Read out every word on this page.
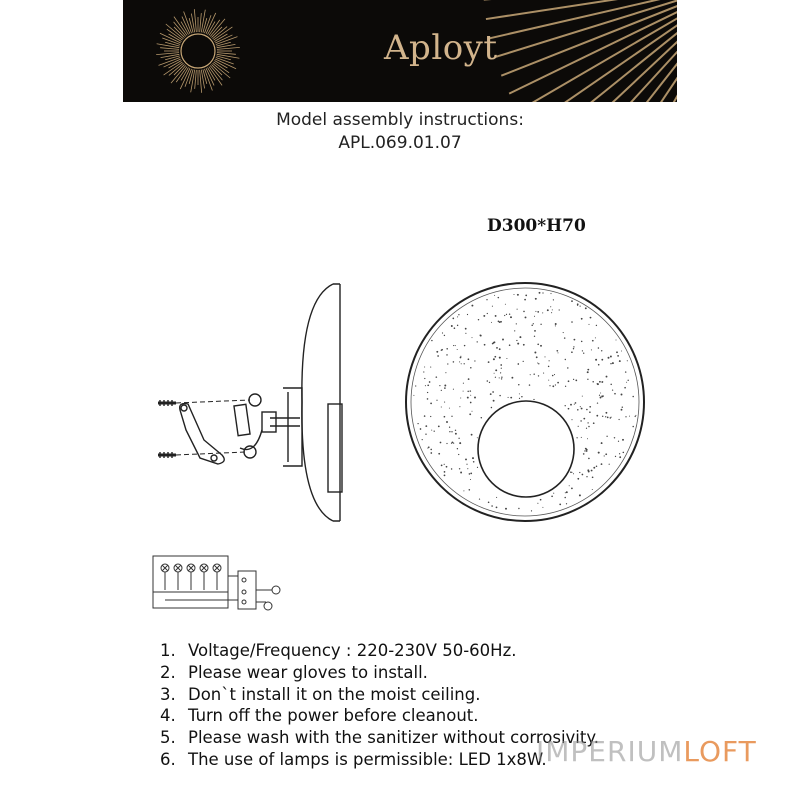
Aployt
Model assembly instructions:
APL.069.01.07
D300*H70
1. Voltage/Frequency : 220-230V 50-60Hz.
2. Please wear gloves to install.
3. Don`t install it on the moist ceiling.
4. Turn off the power before cleanout.
5. Please wash with the sanitizer without corrosivity.
6. The use of lamps is permissible: LED 1x8W.
IMPERIUMLOFT
